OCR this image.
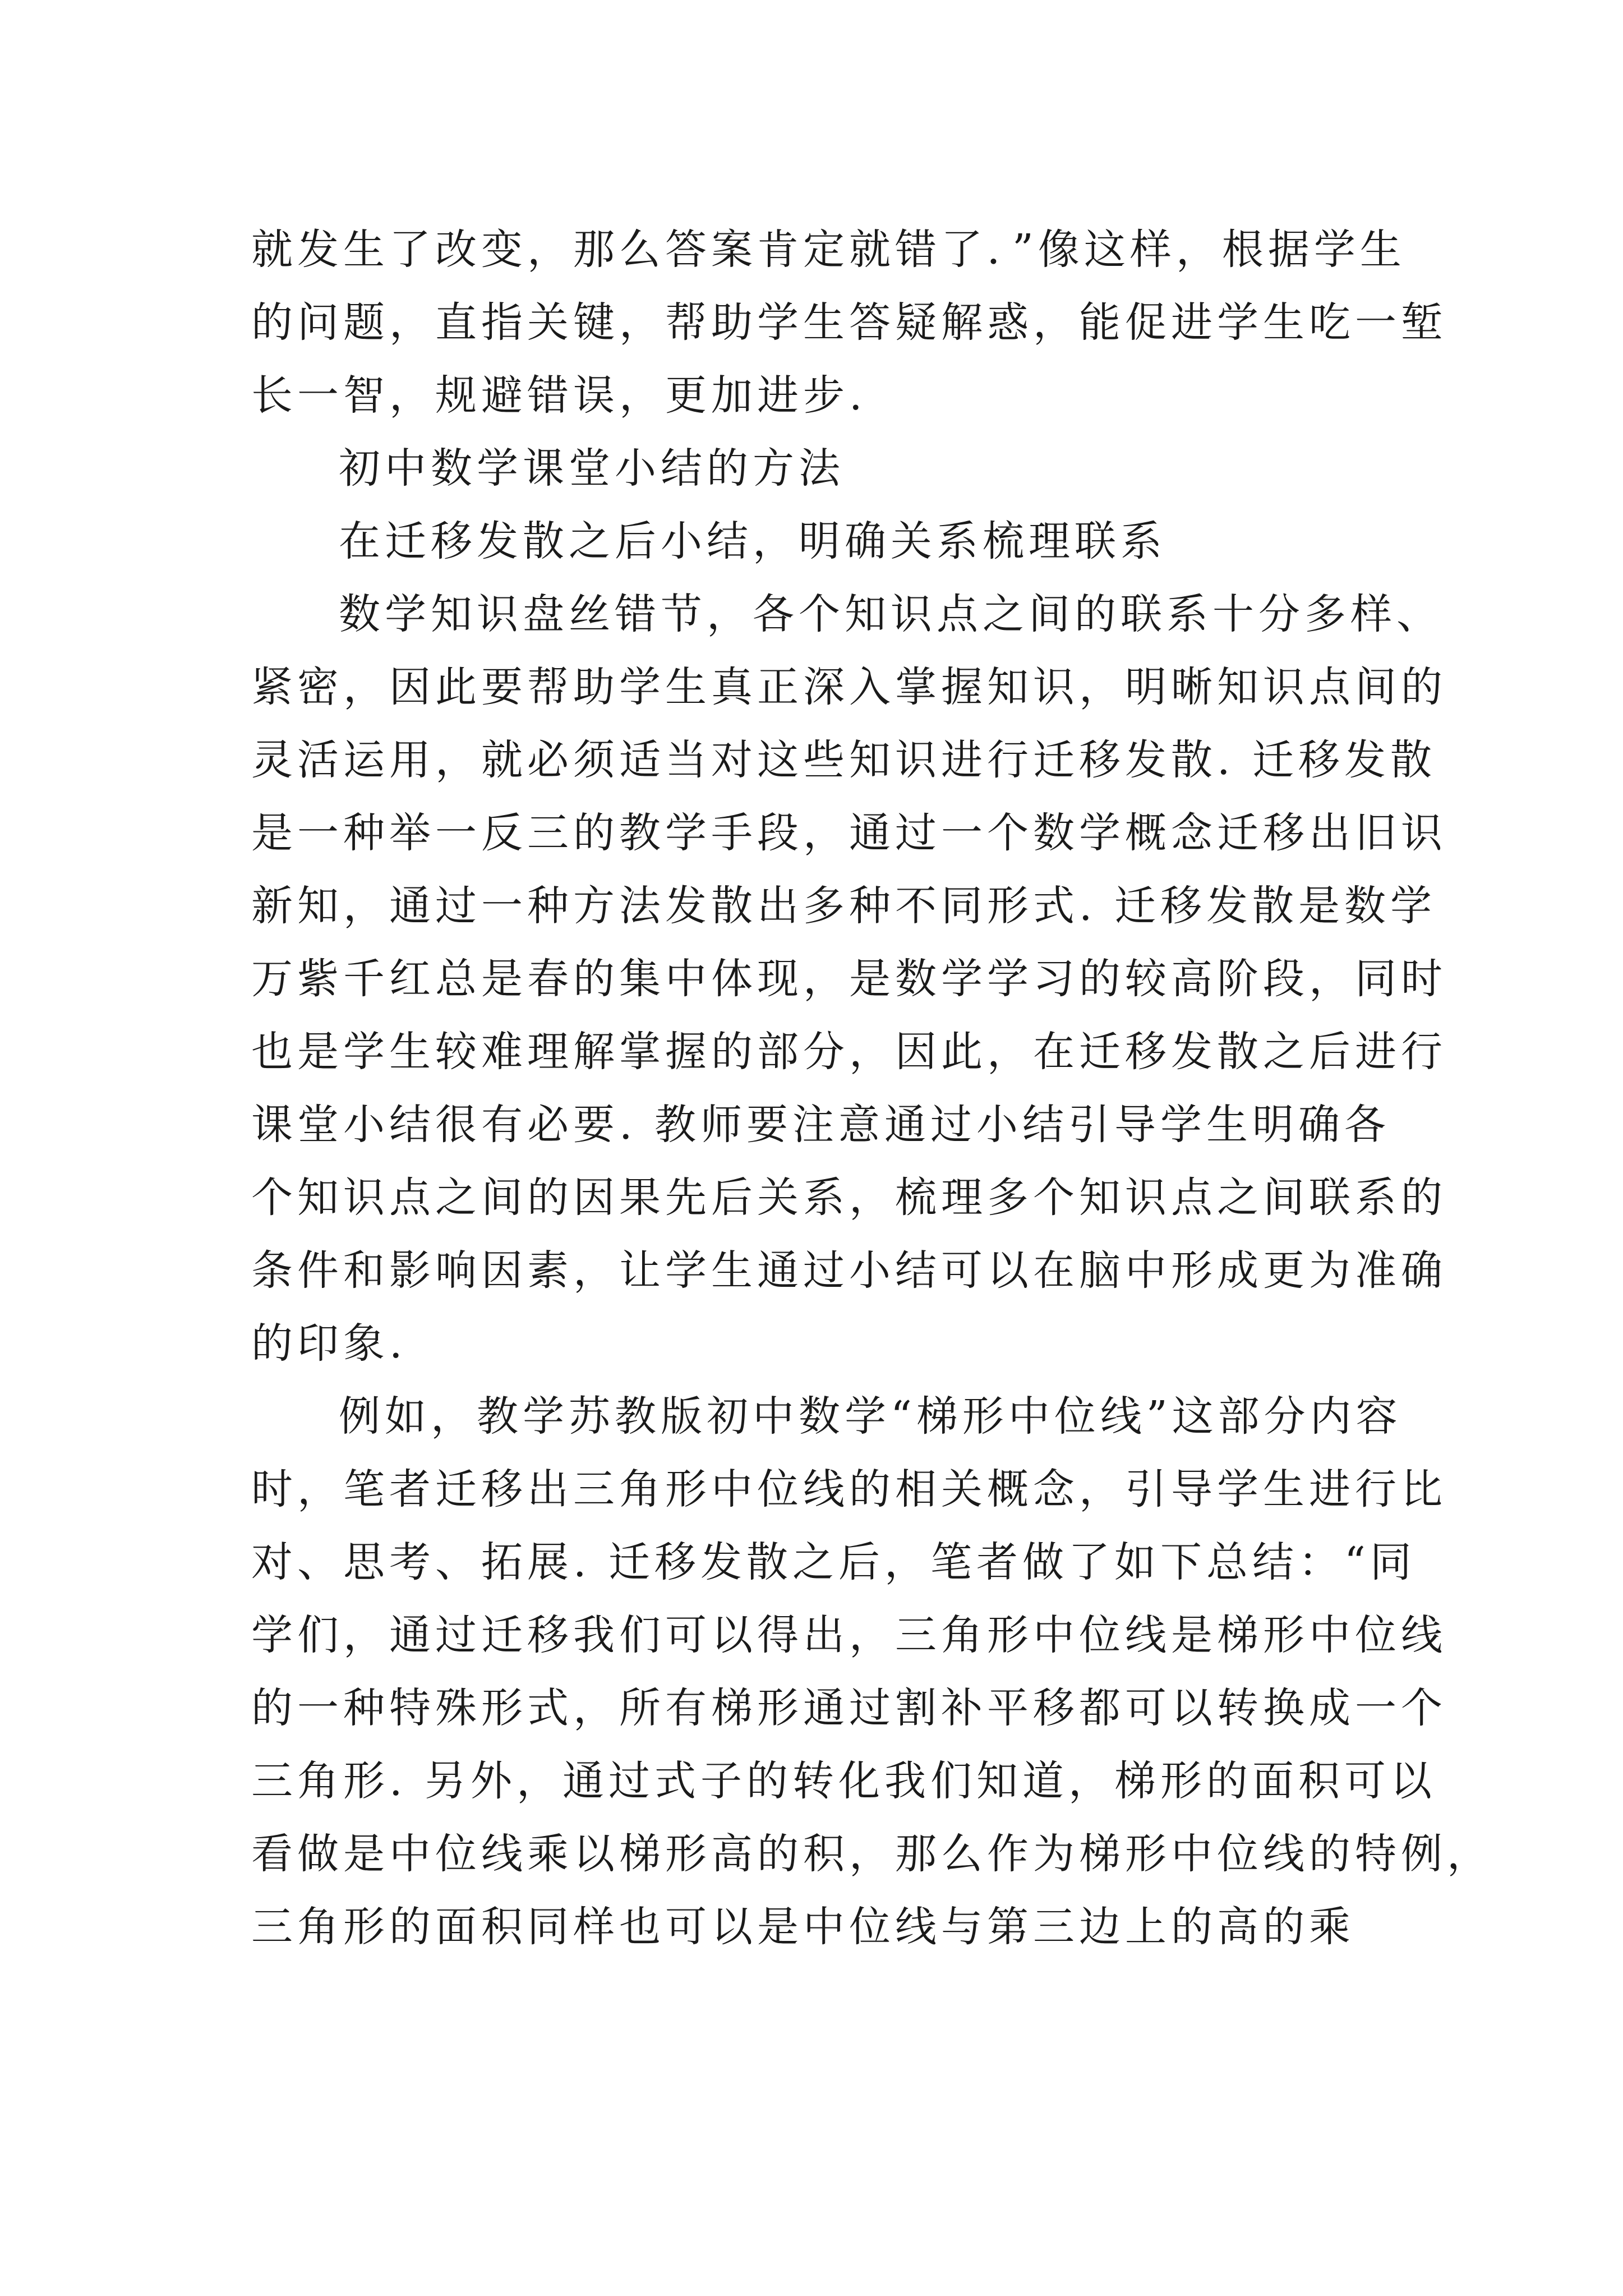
就发生了改变，那么答案肯定就错了．”像这样，根据学生
的问题，直指关键，帮助学生答疑解惑，能促进学生吃一堑
长一智，规避错误，更加进步.
初中数学课堂小结的方法
在迁移发散之后小结，明确关系梳理联系
数学知识盘丝错节，各个知识点之间的联系十分多样、
紧密，因此要帮助学生真正深入掌握知识，明晰知识点间的
灵活运用，就必须适当对这些知识进行迁移发散. 迁移发散
是一种举一反三的教学手段，通过一个数学概念迁移出旧识
新知，通过一种方法发散出多种不同形式. 迁移发散是数学
万紫千红总是春的集中体现，是数学学习的较高阶段，同时
也是学生较难理解掌握的部分，因此，在迁移发散之后进行
课堂小结很有必要. 教师要注意通过小结引导学生明确各
个知识点之间的因果先后关系，梳理多个知识点之间联系的
条件和影响因素，让学生通过小结可以在脑中形成更为准确
的印象.
例如，教学苏教版初中数学“梯形中位线”这部分内容
时，笔者迁移出三角形中位线的相关概念，引导学生进行比
对、思考、拓展. 迁移发散之后，笔者做了如下总结：“同
学们，通过迁移我们可以得出，三角形中位线是梯形中位线
的一种特殊形式，所有梯形通过割补平移都可以转换成一个
三角形. 另外，通过式子的转化我们知道，梯形的面积可以
看做是中位线乘以梯形高的积，那么作为梯形中位线的特例，
三角形的面积同样也可以是中位线与第三边上的高的乘
